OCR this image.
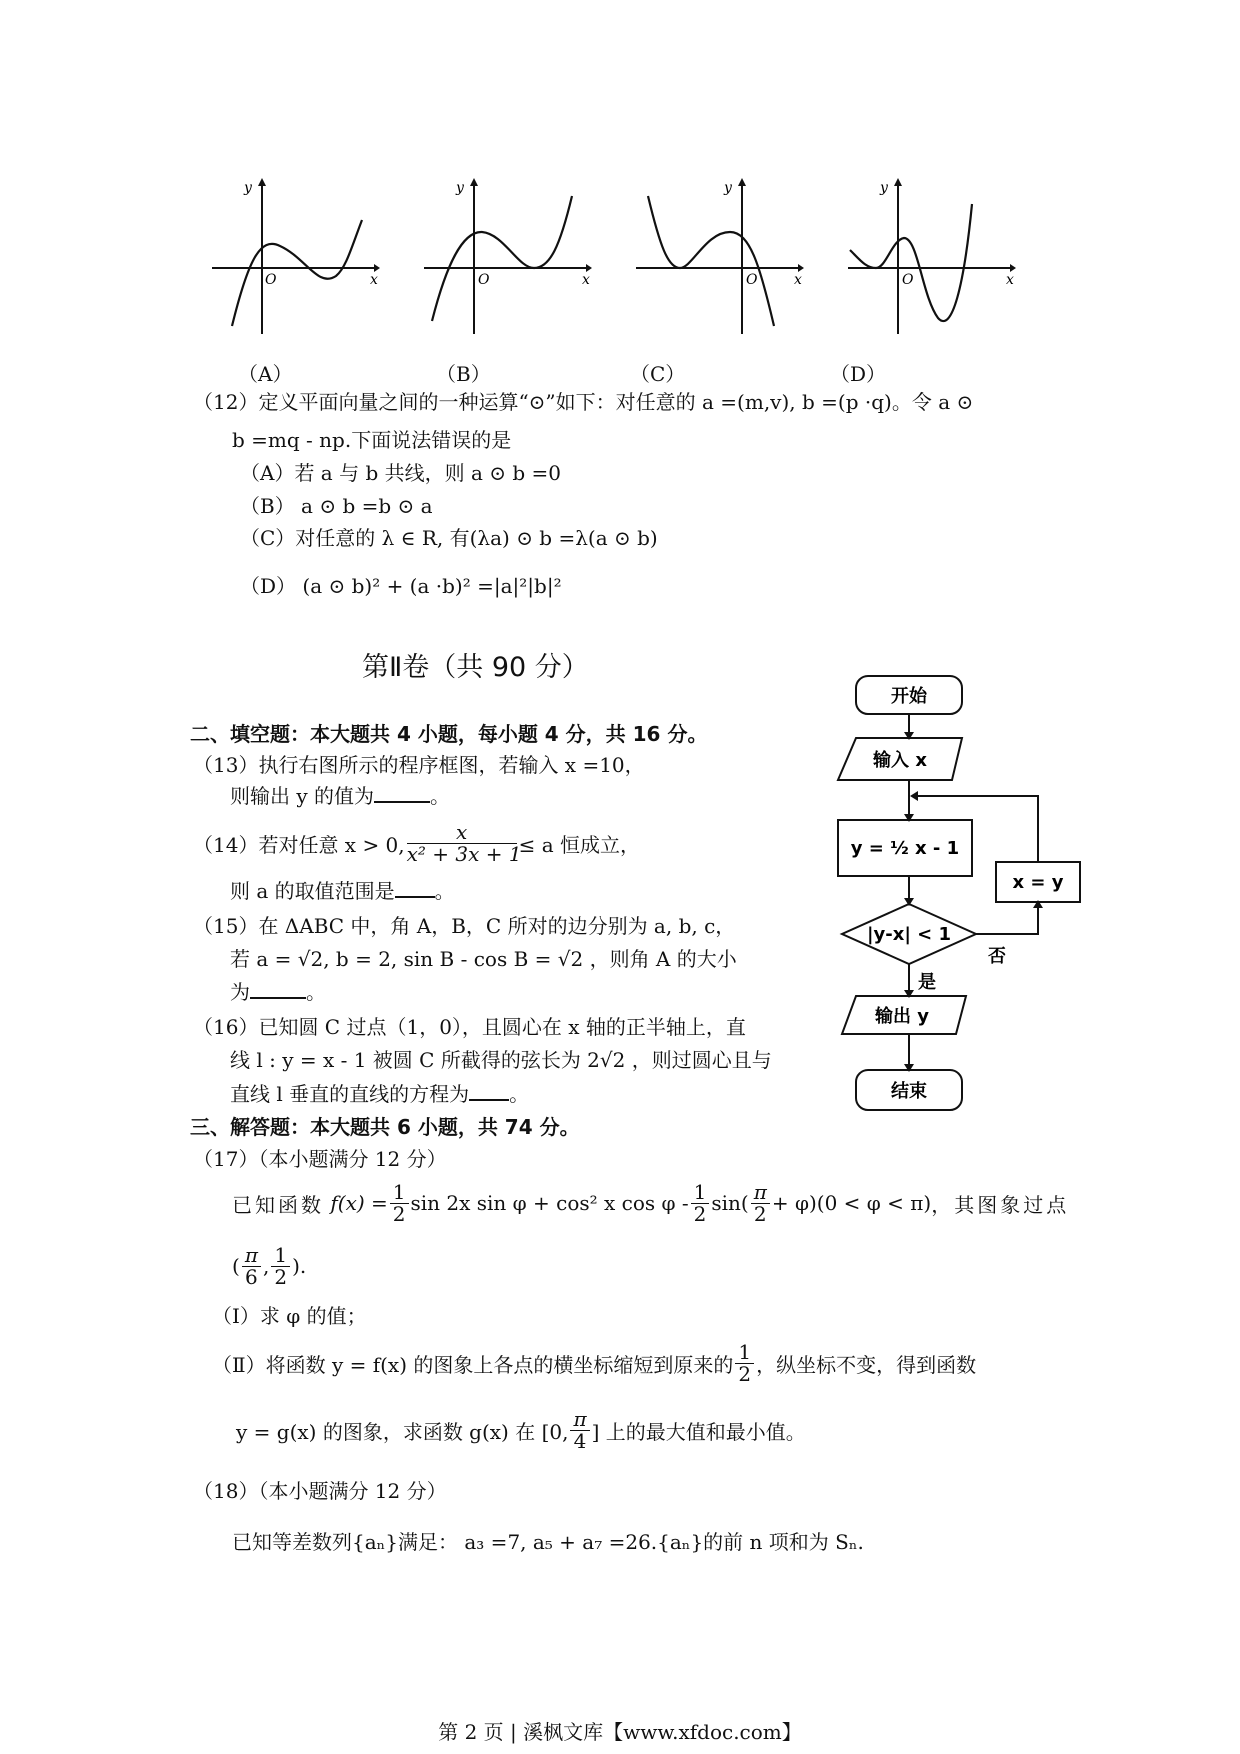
y
x
O
y
x
O
y
x
O
y
x
O
（A）	（B）	（C）	（D）
（12）定义平面向量之间的一种运算“⊙”如下：对任意的 a =(m,v), b =(p ·q)。令 a ⊙
b =mq - np.下面说法错误的是
（A）若 a 与 b 共线，则 a ⊙ b =0
（B） a ⊙ b =b ⊙ a
（C）对任意的 λ ∈ R, 有(λa) ⊙ b =λ(a ⊙ b)
（D） (a ⊙ b)² + (a ·b)² =|a|²|b|²
第Ⅱ卷（共 90 分）
二、填空题：本大题共 4 小题，每小题 4 分，共 16 分。
（13）执行右图所示的程序框图，若输入 x =10，
则输出 y 的值为	。
（14）若对任意 x > 0, $\frac{x}{\text{x² + 3x + 1}} \le a$ 恒成立，
则 a 的取值范围是 。
（15）在 ΔABC 中，角 A，B，C 所对的边分别为 a, b, c，
若 a = √2, b = 2, sin B - cos B = √2 ，则角 A 的大小
为	。
（16）已知圆 C 过点（1，0），且圆心在 x 轴的正半轴上，直
线 l : y = x - 1 被圆 C 所截得的弦长为 2√2 ，则过圆心且与
直线 l 垂直的直线的方程为 。
三、解答题：本大题共 6 小题，共 74 分。
（17）（本小题满分 12 分）
已知函数
$f(x) = \frac{1}{2}$ sin 2x sin φ + cos² x $\cos \varphi - \frac{1}{2} \sin( \frac{\pi}{2} + \varphi)(0 < \varphi < \pi)$ ，其图象过点
( $\frac{\pi}{6}$ , $\frac{1}{2}$ ).
（Ⅰ）求 φ 的值；
（Ⅱ）将函数 y = f(x) 的图象上各点的横坐标缩短到原来的 $\frac{1}{2}$ ，纵坐标不变，得到函数
y = g(x) 的图象，求函数 g(x) 在 [0, $\frac{\pi}{4}$ ] 上的最大值和最小值。
（18）（本小题满分 12 分）
已知等差数列{aₙ}满足： a₃ =7, a₅ + a₇ =26.{aₙ}的前 n 项和为 Sₙ.
开始
输入 x
y = ½ x - 1
|y-x| < 1
x = y
否
是
输出 y
结束
第 2 页 | 溪枫文库【www.xfdoc.com】
